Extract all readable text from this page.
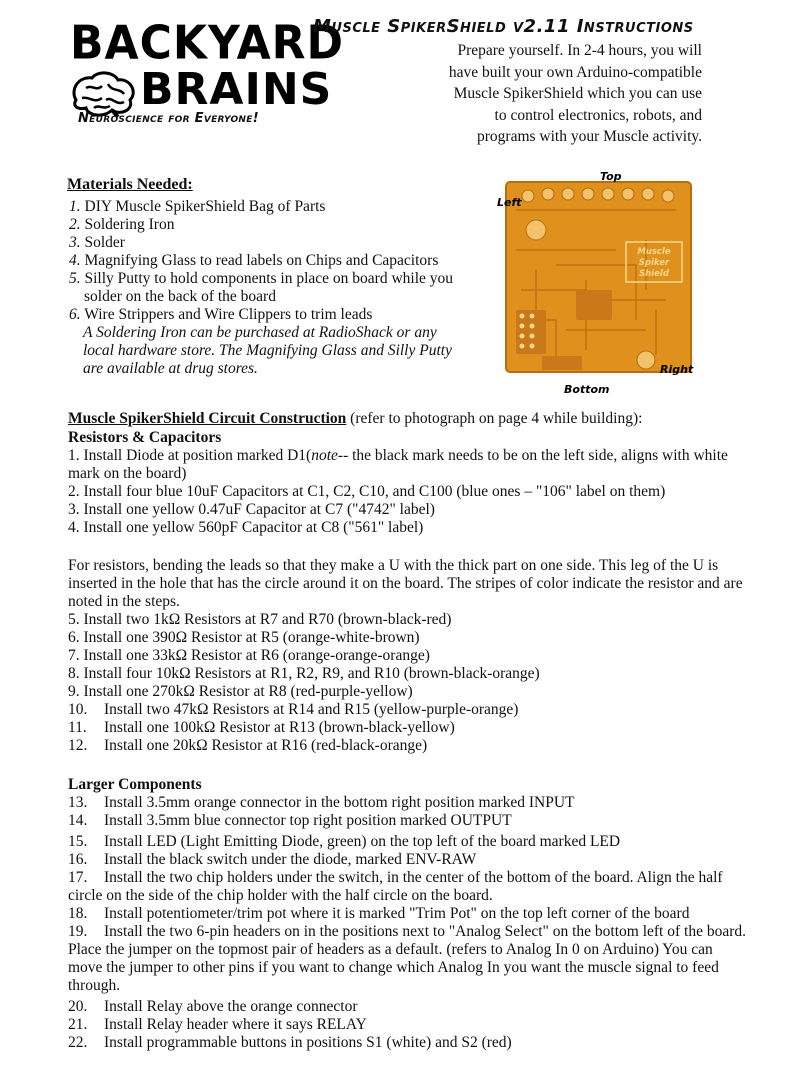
BACKYARD
BRAINS
Neuroscience for Everyone!
Muscle SpikerShield v2.11 Instructions
Prepare yourself. In 2-4 hours, you will have built your own Arduino-compatible Muscle SpikerShield which you can use to control electronics, robots, and programs with your Muscle activity.
Materials Needed:
1. DIY Muscle SpikerShield Bag of Parts
2. Soldering Iron
3. Solder
4. Magnifying Glass to read labels on Chips and Capacitors
5. Silly Putty to hold components in place on board while you solder on the back of the board
6. Wire Strippers and Wire Clippers to trim leads
A Soldering Iron can be purchased at RadioShack or any local hardware store. The Magnifying Glass and Silly Putty are available at drug stores.
Muscle
Spiker
Shield
Top
Left
Right
Bottom
Muscle SpikerShield Circuit Construction (refer to photograph on page 4 while building):
Resistors & Capacitors
1. Install Diode at position marked D1(note-- the black mark needs to be on the left side, aligns with white mark on the board)
2. Install four blue 10uF Capacitors at C1, C2, C10, and C100 (blue ones – "106" label on them)
3. Install one yellow 0.47uF Capacitor at C7 ("4742" label)
4. Install one yellow 560pF Capacitor at C8 ("561" label)
For resistors, bending the leads so that they make a U with the thick part on one side. This leg of the U is inserted in the hole that has the circle around it on the board. The stripes of color indicate the resistor and are noted in the steps.
5. Install two 1kΩ Resistors at R7 and R70 (brown-black-red)
6. Install one 390Ω Resistor at R5 (orange-white-brown)
7. Install one 33kΩ Resistor at R6 (orange-orange-orange)
8. Install four 10kΩ Resistors at R1, R2, R9, and R10 (brown-black-orange)
9. Install one 270kΩ Resistor at R8 (red-purple-yellow)
10. Install two 47kΩ Resistors at R14 and R15 (yellow-purple-orange)
11. Install one 100kΩ Resistor at R13 (brown-black-yellow)
12. Install one 20kΩ Resistor at R16 (red-black-orange)
Larger Components
13. Install 3.5mm orange connector in the bottom right position marked INPUT
14. Install 3.5mm blue connector top right position marked OUTPUT
15. Install LED (Light Emitting Diode, green) on the top left of the board marked LED
16. Install the black switch under the diode, marked ENV-RAW
17. Install the two chip holders under the switch, in the center of the bottom of the board. Align the half circle on the side of the chip holder with the half circle on the board.
18. Install potentiometer/trim pot where it is marked "Trim Pot" on the top left corner of the board
19. Install the two 6-pin headers on in the positions next to "Analog Select" on the bottom left of the board. Place the jumper on the topmost pair of headers as a default. (refers to Analog In 0 on Arduino) You can move the jumper to other pins if you want to change which Analog In you want the muscle signal to feed through.
20. Install Relay above the orange connector
21. Install Relay header where it says RELAY
22. Install programmable buttons in positions S1 (white) and S2 (red)
